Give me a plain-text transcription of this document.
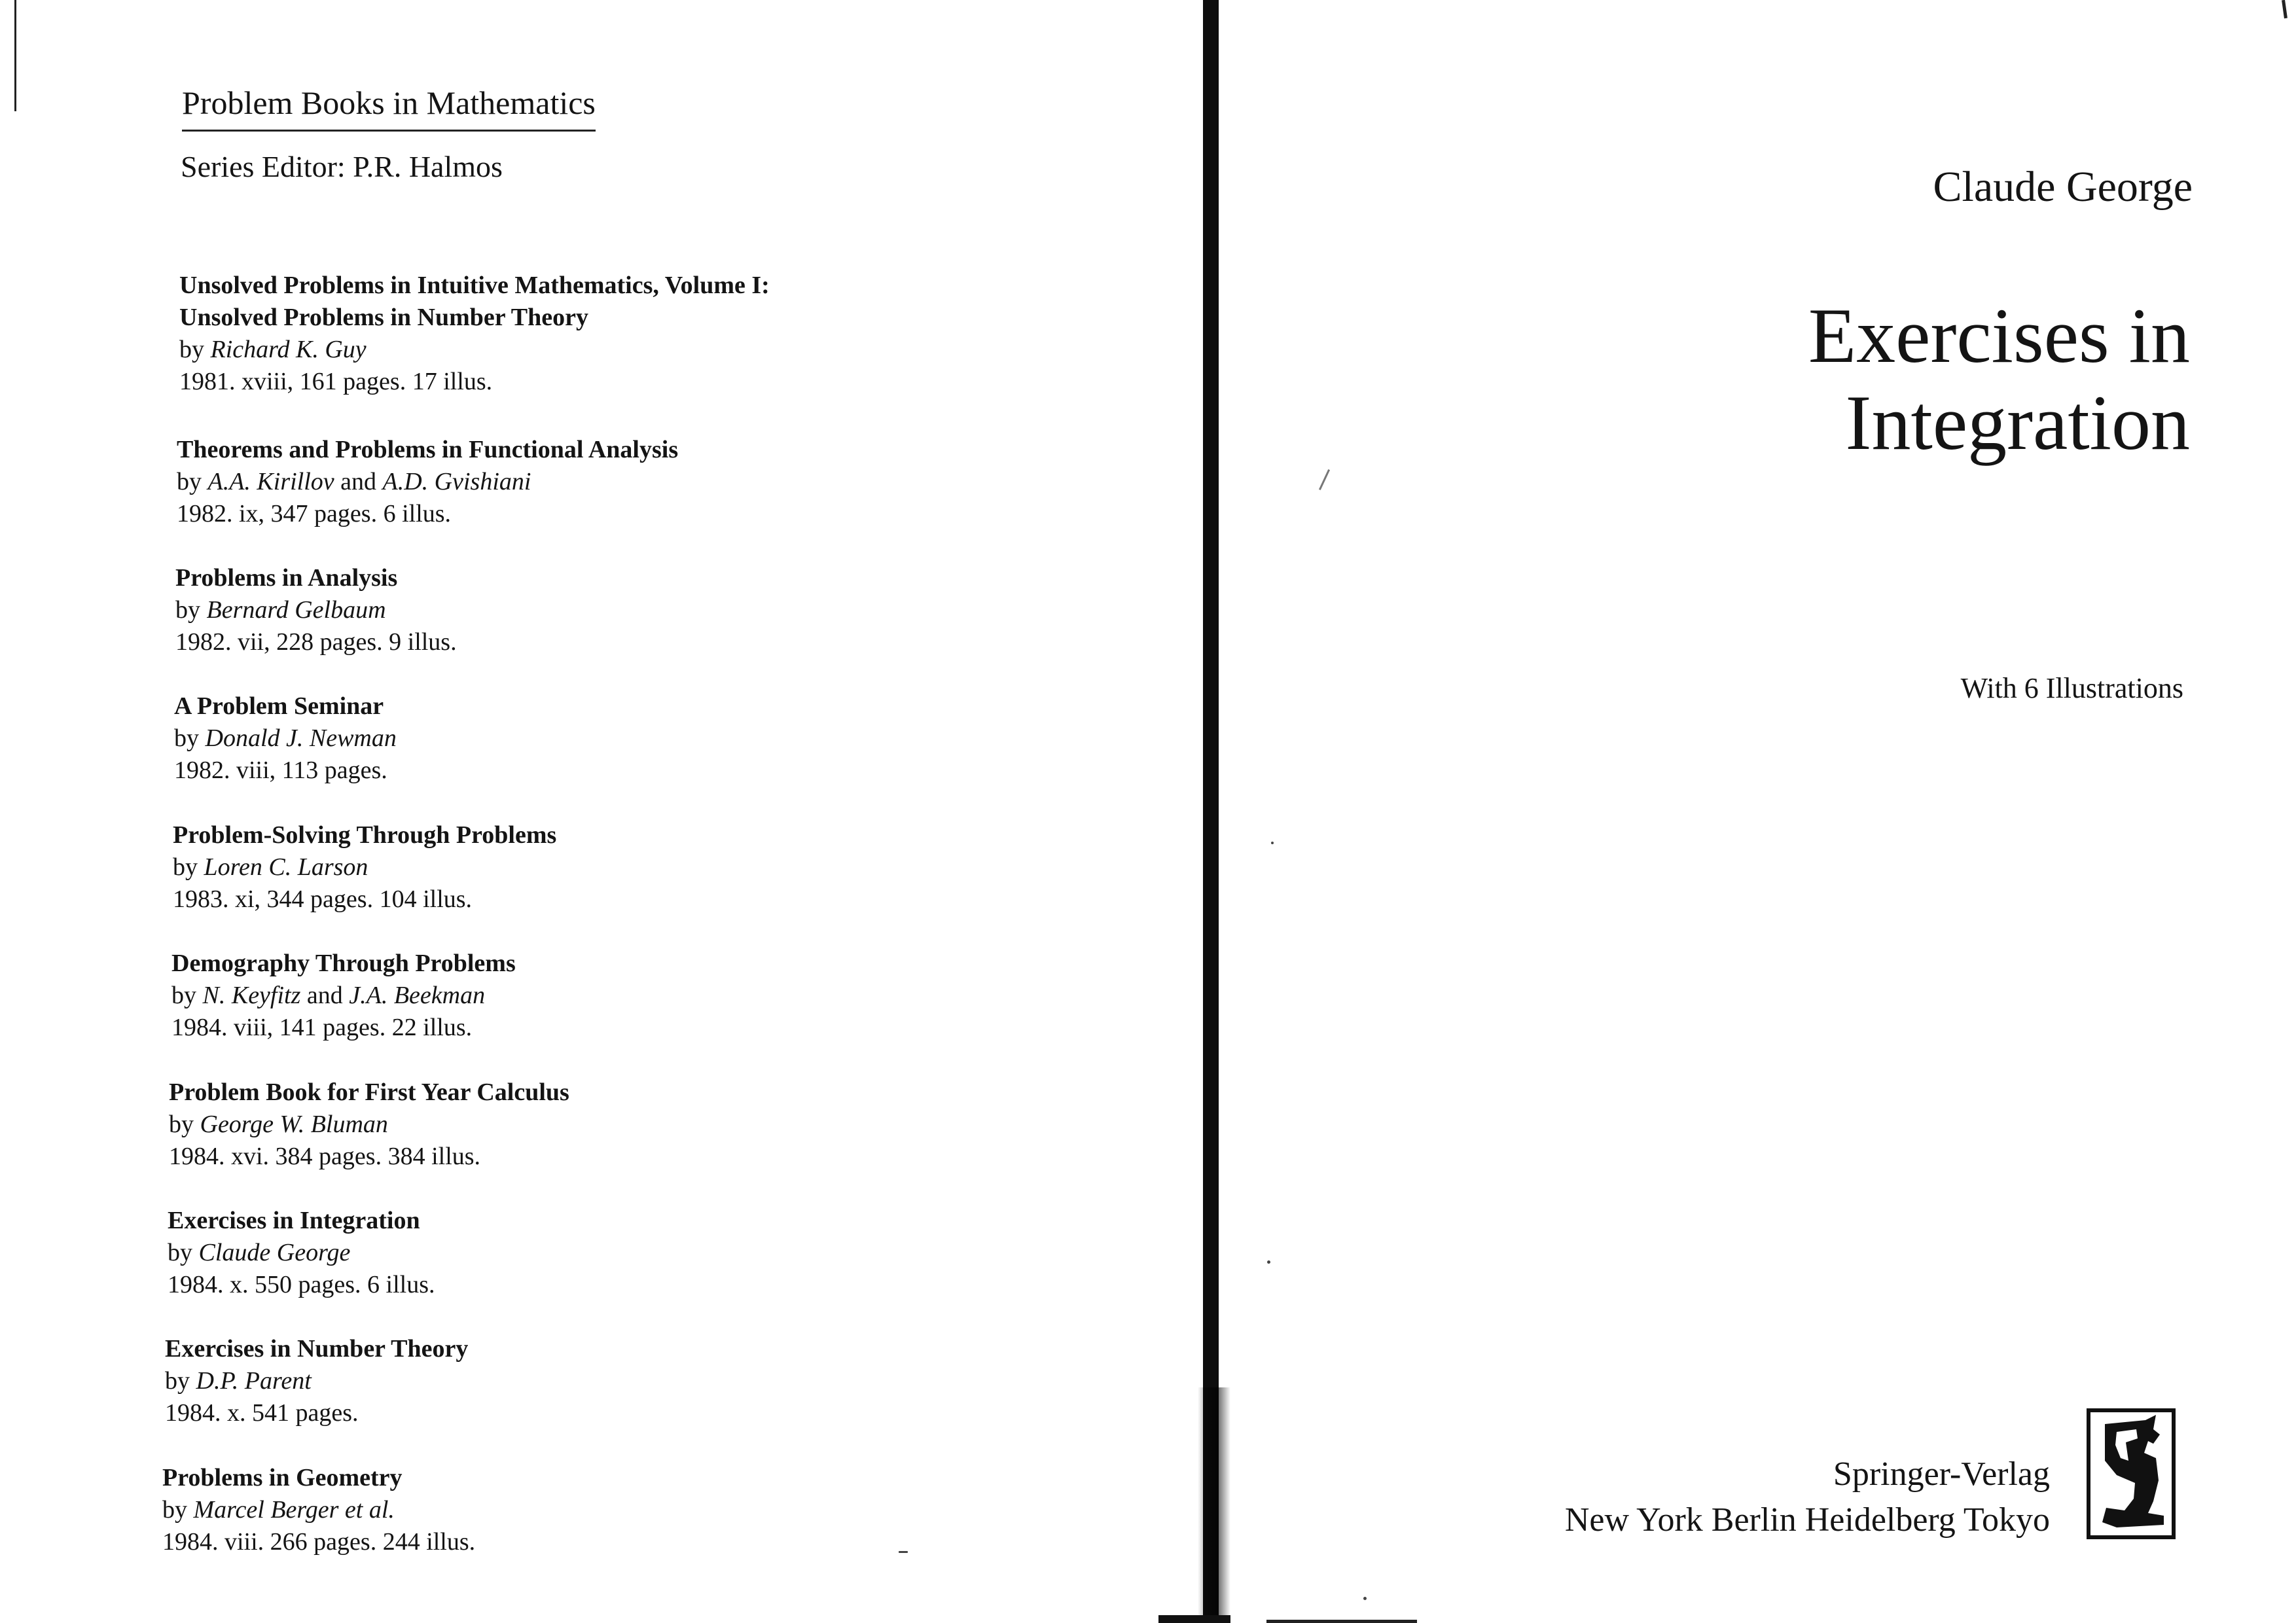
Problem Books in Mathematics
Series Editor: P.R. Halmos
Unsolved Problems in Intuitive Mathematics, Volume I:
Unsolved Problems in Number Theory
by Richard K. Guy
1981. xviii, 161 pages. 17 illus.
Theorems and Problems in Functional Analysis
by A.A. Kirillov and A.D. Gvishiani
1982. ix, 347 pages. 6 illus.
Problems in Analysis
by Bernard Gelbaum
1982. vii, 228 pages. 9 illus.
A Problem Seminar
by Donald J. Newman
1982. viii, 113 pages.
Problem-Solving Through Problems
by Loren C. Larson
1983. xi, 344 pages. 104 illus.
Demography Through Problems
by N. Keyfitz and J.A. Beekman
1984. viii, 141 pages. 22 illus.
Problem Book for First Year Calculus
by George W. Bluman
1984. xvi. 384 pages. 384 illus.
Exercises in Integration
by Claude George
1984. x. 550 pages. 6 illus.
Exercises in Number Theory
by D.P. Parent
1984. x. 541 pages.
Problems in Geometry
by Marcel Berger et al.
1984. viii. 266 pages. 244 illus.
Claude George
Exercises in
Integration
With 6 Illustrations
Springer-Verlag
New York Berlin Heidelberg Tokyo
